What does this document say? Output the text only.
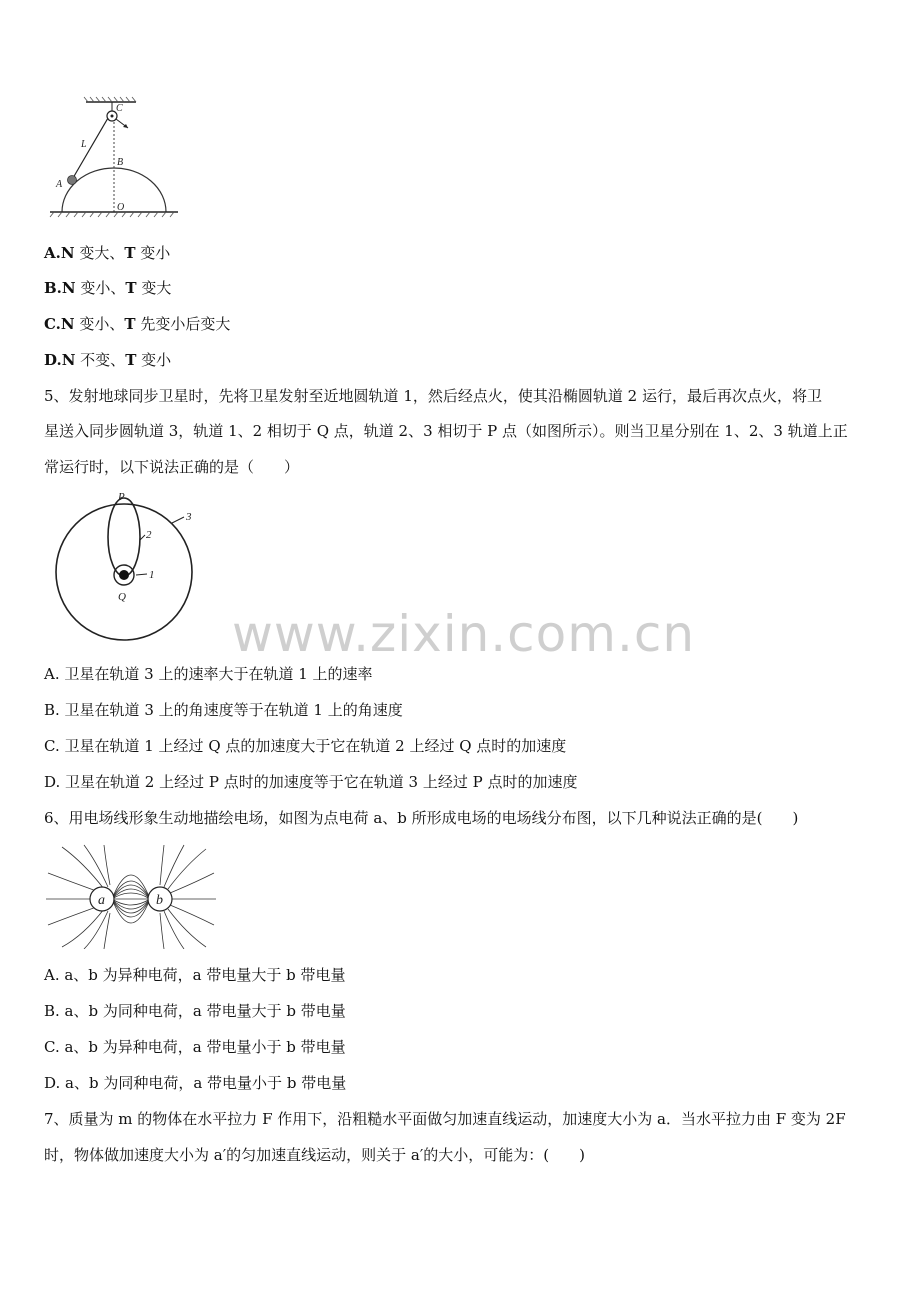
C
L
B
A
O
A.N 变大、T 变小
B.N 变小、T 变大
C.N 变小、T 先变小后变大
D.N 不变、T 变小
5、发射地球同步卫星时，先将卫星发射至近地圆轨道 1，然后经点火，使其沿椭圆轨道 2 运行，最后再次点火，将卫
星送入同步圆轨道 3，轨道 1、2 相切于 Q 点，轨道 2、3 相切于 P 点（如图所示）。则当卫星分别在 1、2、3 轨道上正
常运行时，以下说法正确的是（　　）
P
Q
1
2
3
www.zixin.com.cn
A. 卫星在轨道 3 上的速率大于在轨道 1 上的速率
B. 卫星在轨道 3 上的角速度等于在轨道 1 上的角速度
C. 卫星在轨道 1 上经过 Q 点的加速度大于它在轨道 2 上经过 Q 点时的加速度
D. 卫星在轨道 2 上经过 P 点时的加速度等于它在轨道 3 上经过 P 点时的加速度
6、用电场线形象生动地描绘电场，如图为点电荷 a、b 所形成电场的电场线分布图，以下几种说法正确的是(　　)
a	b
A. a、b 为异种电荷，a 带电量大于 b 带电量
B. a、b 为同种电荷，a 带电量大于 b 带电量
C. a、b 为异种电荷，a 带电量小于 b 带电量
D. a、b 为同种电荷，a 带电量小于 b 带电量
7、质量为 m 的物体在水平拉力 F 作用下，沿粗糙水平面做匀加速直线运动，加速度大小为 a．当水平拉力由 F 变为 2F
时，物体做加速度大小为 a′的匀加速直线运动，则关于 a′的大小，可能为：(　　)
